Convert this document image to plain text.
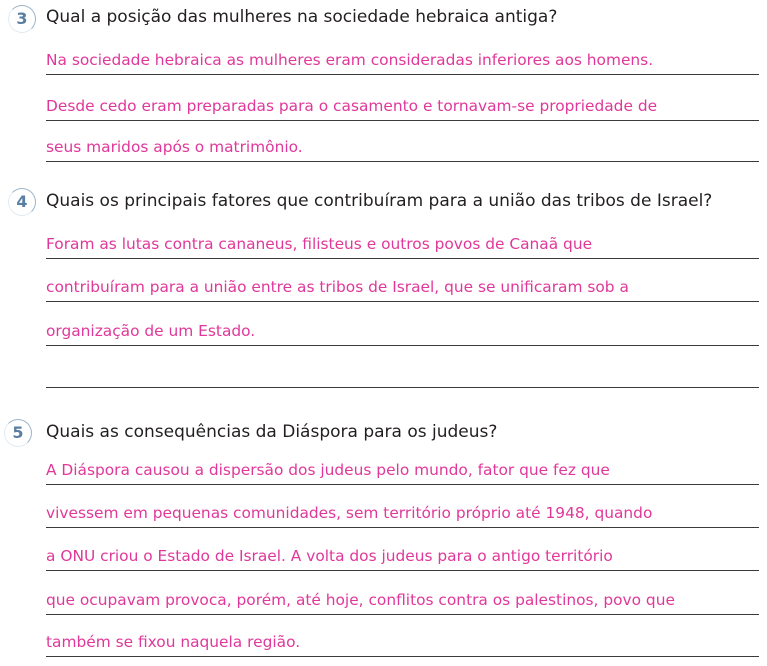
3	Qual a posição das mulheres na sociedade hebraica antiga?
Na sociedade hebraica as mulheres eram consideradas inferiores aos homens.
Desde cedo eram preparadas para o casamento e tornavam-se propriedade de
seus maridos após o matrimônio.
4	Quais os principais fatores que contribuíram para a união das tribos de Israel?
Foram as lutas contra cananeus, filisteus e outros povos de Canaã que
contribuíram para a união entre as tribos de Israel, que se unificaram sob a
organização de um Estado.
5	Quais as consequências da Diáspora para os judeus?
A Diáspora causou a dispersão dos judeus pelo mundo, fator que fez que
vivessem em pequenas comunidades, sem território próprio até 1948, quando
a ONU criou o Estado de Israel. A volta dos judeus para o antigo território
que ocupavam provoca, porém, até hoje, conflitos contra os palestinos, povo que
também se fixou naquela região.
